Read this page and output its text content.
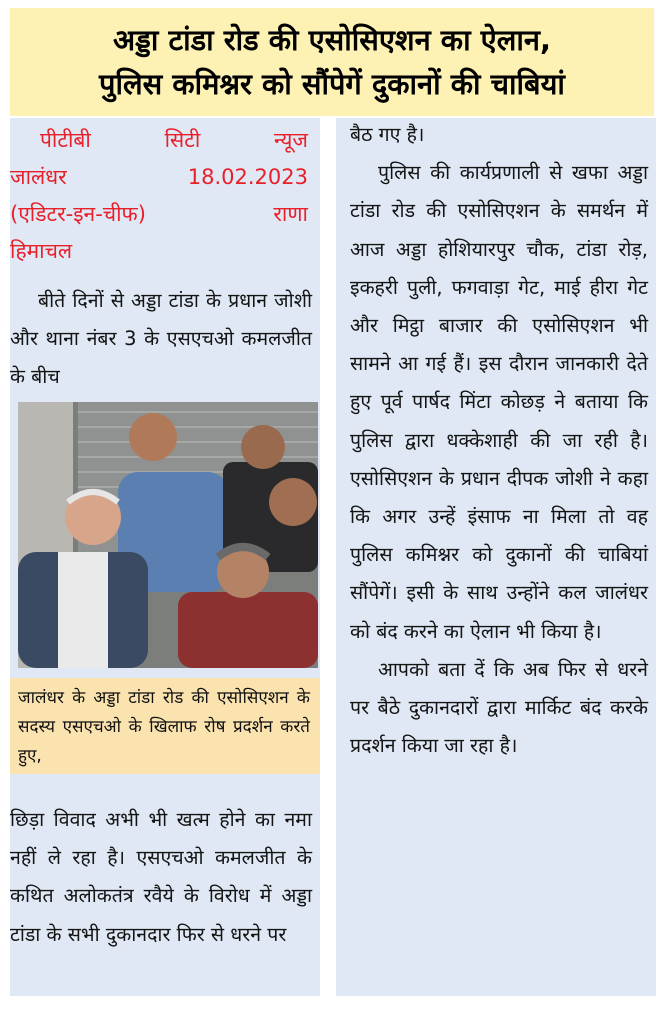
अड्डा टांडा रोड की एसोसिएशन का ऐलान,
पुलिस कमिश्नर को सौंपेगें दुकानों की चाबियां
पीटीबी	सिटी	न्यूज
जालंधर	18.02.2023
(एडिटर-इन-चीफ)	राणा
हिमाचल
बीते दिनों से अड्डा टांडा के प्रधान जोशी और थाना नंबर 3 के एसएचओ कमलजीत के बीच
जालंधर के अड्डा टांडा रोड की एसोसिएशन के सदस्य एसएचओ के खिलाफ रोष प्रदर्शन करते हुए,
छिड़ा विवाद अभी भी खत्म होने का नमा नहीं ले रहा है। एसएचओ कमलजीत के कथित अलोकतंत्र रवैये के विरोध में अड्डा टांडा के सभी दुकानदार फिर से धरने पर
बैठ गए है।
पुलिस की कार्यप्रणाली से खफा अड्डा टांडा रोड की एसोसिएशन के समर्थन में आज अड्डा होशियारपुर चौक, टांडा रोड़, इकहरी पुली, फगवाड़ा गेट, माई हीरा गेट और मिट्ठा बाजार की एसोसिएशन भी सामने आ गई हैं। इस दौरान जानकारी देते हुए पूर्व पार्षद मिंटा कोछड़ ने बताया कि पुलिस द्वारा धक्केशाही की जा रही है। एसोसिएशन के प्रधान दीपक जोशी ने कहा कि अगर उन्हें इंसाफ ना मिला तो वह पुलिस कमिश्नर को दुकानों की चाबियां सौंपेगें। इसी के साथ उन्होंने कल जालंधर को बंद करने का ऐलान भी किया है।
आपको बता दें कि अब फिर से धरने पर बैठे दुकानदारों द्वारा मार्किट बंद करके प्रदर्शन किया जा रहा है।
